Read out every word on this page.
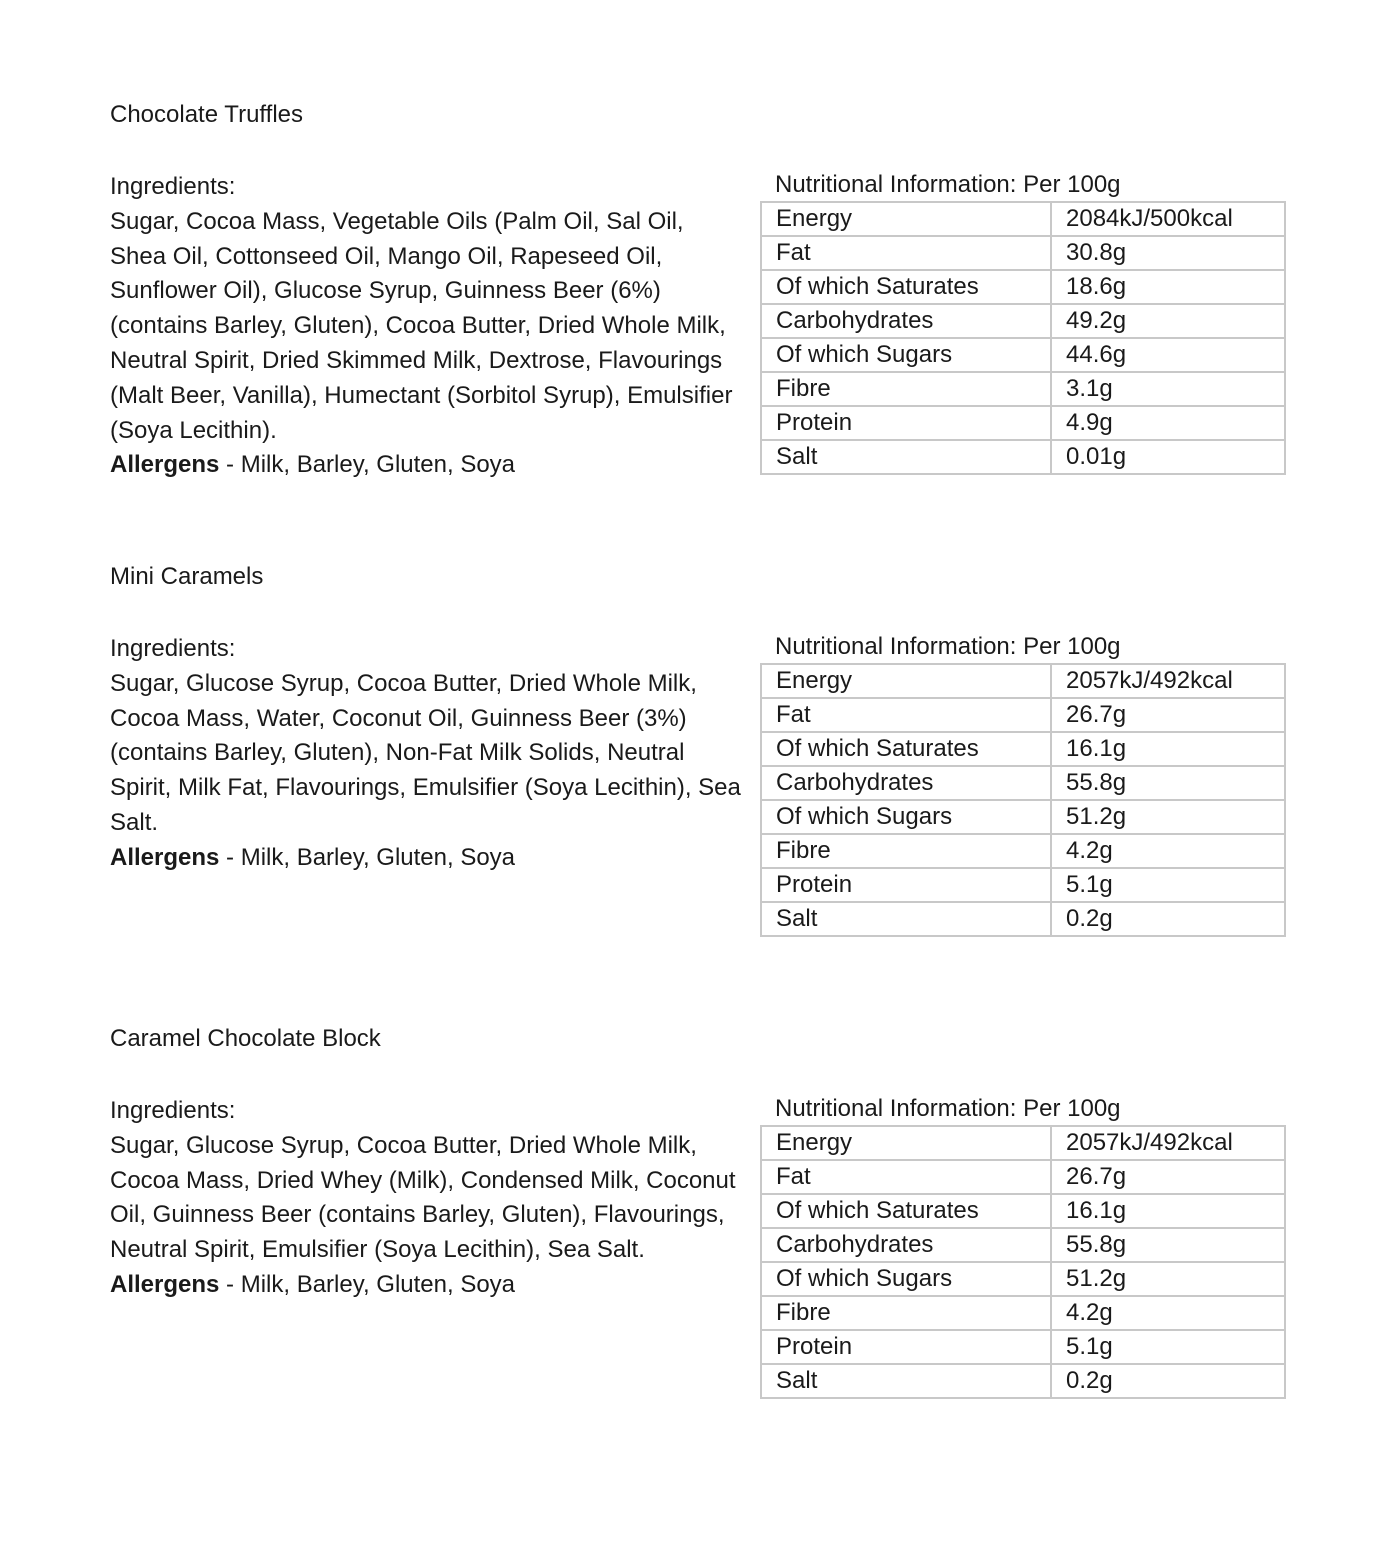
Chocolate Truffles
Ingredients:
Sugar, Cocoa Mass, Vegetable Oils (Palm Oil, Sal Oil, Shea Oil, Cottonseed Oil, Mango Oil, Rapeseed Oil, Sunflower Oil), Glucose Syrup, Guinness Beer (6%) (contains Barley, Gluten), Cocoa Butter, Dried Whole Milk, Neutral Spirit, Dried Skimmed Milk, Dextrose, Flavourings (Malt Beer, Vanilla), Humectant (Sorbitol Syrup), Emulsifier (Soya Lecithin).
Allergens - Milk, Barley, Gluten, Soya
Nutritional Information: Per 100g
Energy	2084kJ/500kcal
Fat	30.8g
Of which Saturates	18.6g
Carbohydrates	49.2g
Of which Sugars	44.6g
Fibre	3.1g
Protein	4.9g
Salt	0.01g
Mini Caramels
Ingredients:
Sugar, Glucose Syrup, Cocoa Butter, Dried Whole Milk, Cocoa Mass, Water, Coconut Oil, Guinness Beer (3%) (contains Barley, Gluten), Non-Fat Milk Solids, Neutral Spirit, Milk Fat, Flavourings, Emulsifier (Soya Lecithin), Sea Salt.
Allergens - Milk, Barley, Gluten, Soya
Nutritional Information: Per 100g
Energy	2057kJ/492kcal
Fat	26.7g
Of which Saturates	16.1g
Carbohydrates	55.8g
Of which Sugars	51.2g
Fibre	4.2g
Protein	5.1g
Salt	0.2g
Caramel Chocolate Block
Ingredients:
Sugar, Glucose Syrup, Cocoa Butter, Dried Whole Milk, Cocoa Mass, Dried Whey (Milk), Condensed Milk, Coconut Oil, Guinness Beer (contains Barley, Gluten), Flavourings, Neutral Spirit, Emulsifier (Soya Lecithin), Sea Salt.
Allergens - Milk, Barley, Gluten, Soya
Nutritional Information: Per 100g
Energy	2057kJ/492kcal
Fat	26.7g
Of which Saturates	16.1g
Carbohydrates	55.8g
Of which Sugars	51.2g
Fibre	4.2g
Protein	5.1g
Salt	0.2g
